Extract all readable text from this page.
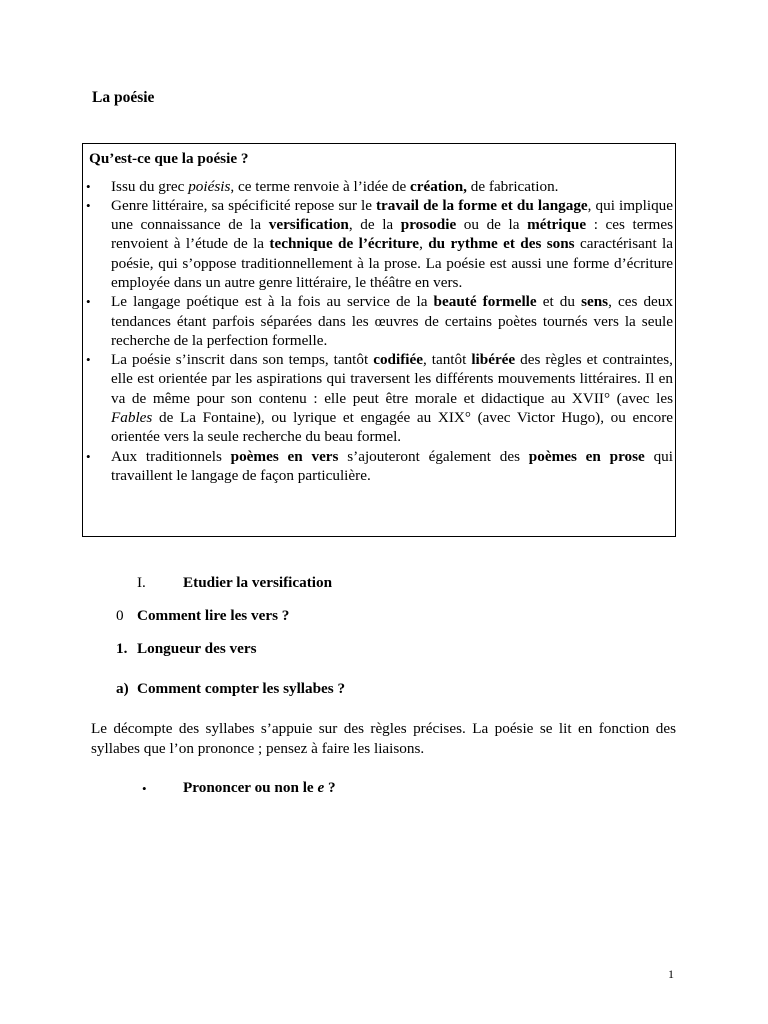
La poésie
Qu’est-ce que la poésie ?
• Issu du grec poiésis, ce terme renvoie à l’idée de création, de fabrication.
• Genre littéraire, sa spécificité repose sur le travail de la forme et du langage, qui implique une connaissance de la versification, de la prosodie ou de la métrique : ces termes renvoient à l’étude de la technique de l’écriture, du rythme et des sons caractérisant la poésie, qui s’oppose traditionnellement à la prose. La poésie est aussi une forme d’écriture employée dans un autre genre littéraire, le théâtre en vers.
• Le langage poétique est à la fois au service de la beauté formelle et du sens, ces deux tendances étant parfois séparées dans les œuvres de certains poètes tournés vers la seule recherche de la perfection formelle.
• La poésie s’inscrit dans son temps, tantôt codifiée, tantôt libérée des règles et contraintes, elle est orientée par les aspirations qui traversent les différents mouvements littéraires. Il en va de même pour son contenu : elle peut être morale et didactique au XVII° (avec les Fables de La Fontaine), ou lyrique et engagée au XIX° (avec Victor Hugo), ou encore orientée vers la seule recherche du beau formel.
• Aux traditionnels poèmes en vers s’ajouteront également des poèmes en prose qui travaillent le langage de façon particulière.
I. Etudier la versification
0 Comment lire les vers ?
1. Longueur des vers
a) Comment compter les syllabes ?
Le décompte des syllabes s’appuie sur des règles précises. La poésie se lit en fonction des syllabes que l’on prononce ; pensez à faire les liaisons.
• Prononcer ou non le e ?
1
